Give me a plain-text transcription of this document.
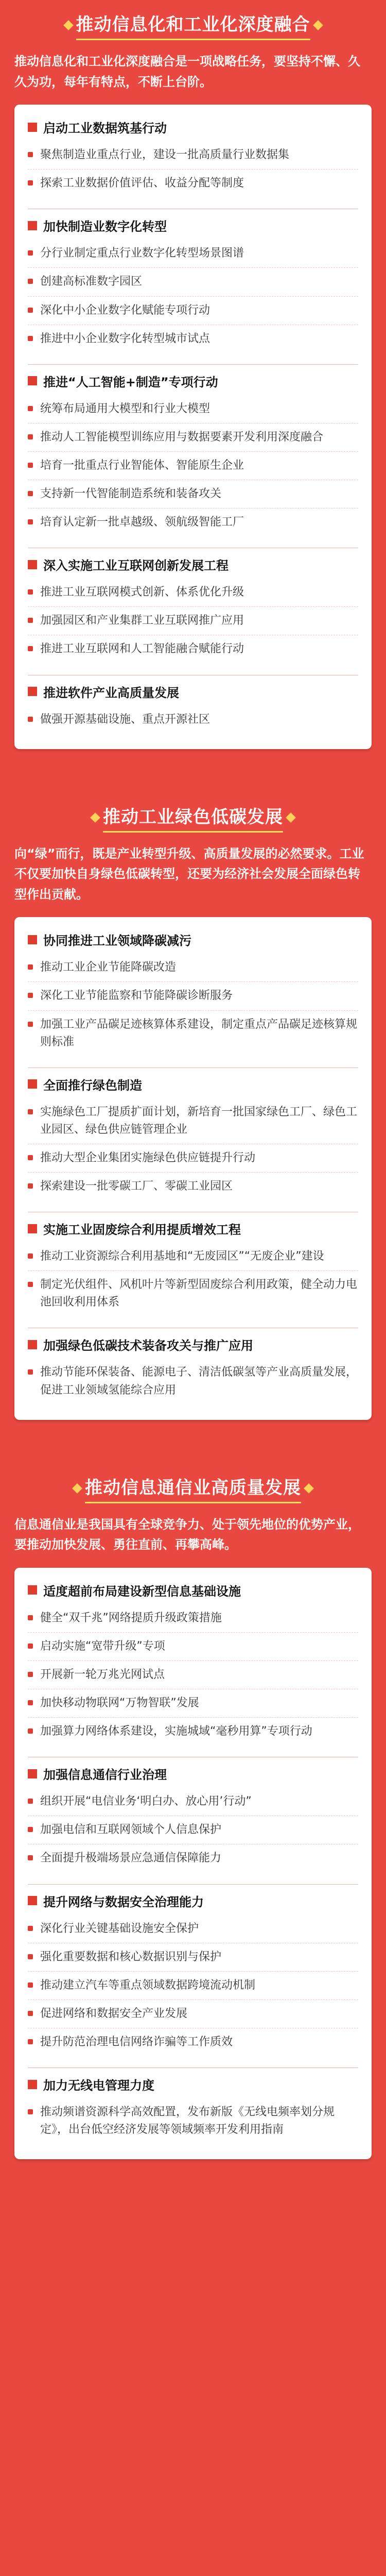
推动信息化和工业化深度融合
推动信息化和工业化深度融合是一项战略任务，要坚持不懈、久久为功，每年有特点，不断上台阶。
启动工业数据筑基行动
聚焦制造业重点行业，建设一批高质量行业数据集
探索工业数据价值评估、收益分配等制度
加快制造业数字化转型
分行业制定重点行业数字化转型场景图谱
创建高标准数字园区
深化中小企业数字化赋能专项行动
推进中小企业数字化转型城市试点
推进“人工智能+制造”专项行动
统筹布局通用大模型和行业大模型
推动人工智能模型训练应用与数据要素开发利用深度融合
培育一批重点行业智能体、智能原生企业
支持新一代智能制造系统和装备攻关
培育认定新一批卓越级、领航级智能工厂
深入实施工业互联网创新发展工程
推进工业互联网模式创新、体系优化升级
加强园区和产业集群工业互联网推广应用
推进工业互联网和人工智能融合赋能行动
推进软件产业高质量发展
做强开源基础设施、重点开源社区
推动工业绿色低碳发展
向“绿”而行，既是产业转型升级、高质量发展的必然要求。工业不仅要加快自身绿色低碳转型，还要为经济社会发展全面绿色转型作出贡献。
协同推进工业领域降碳减污
推动工业企业节能降碳改造
深化工业节能监察和节能降碳诊断服务
加强工业产品碳足迹核算体系建设，制定重点产品碳足迹核算规则标准
全面推行绿色制造
实施绿色工厂提质扩面计划，新培育一批国家绿色工厂、绿色工业园区、绿色供应链管理企业
推动大型企业集团实施绿色供应链提升行动
探索建设一批零碳工厂、零碳工业园区
实施工业固废综合利用提质增效工程
推动工业资源综合利用基地和“无废园区”“无废企业”建设
制定光伏组件、风机叶片等新型固废综合利用政策，健全动力电池回收利用体系
加强绿色低碳技术装备攻关与推广应用
推动节能环保装备、能源电子、清洁低碳氢等产业高质量发展，促进工业领域氢能综合应用
推动信息通信业高质量发展
信息通信业是我国具有全球竞争力、处于领先地位的优势产业，要推动加快发展、勇往直前、再攀高峰。
适度超前布局建设新型信息基础设施
健全“双千兆”网络提质升级政策措施
启动实施“宽带升级”专项
开展新一轮万兆光网试点
加快移动物联网“万物智联”发展
加强算力网络体系建设，实施城域“毫秒用算”专项行动
加强信息通信行业治理
组织开展“电信业务‘明白办、放心用’行动”
加强电信和互联网领域个人信息保护
全面提升极端场景应急通信保障能力
提升网络与数据安全治理能力
深化行业关键基础设施安全保护
强化重要数据和核心数据识别与保护
推动建立汽车等重点领域数据跨境流动机制
促进网络和数据安全产业发展
提升防范治理电信网络诈骗等工作质效
加力无线电管理力度
推动频谱资源科学高效配置，发布新版《无线电频率划分规定》，出台低空经济发展等领域频率开发利用指南
